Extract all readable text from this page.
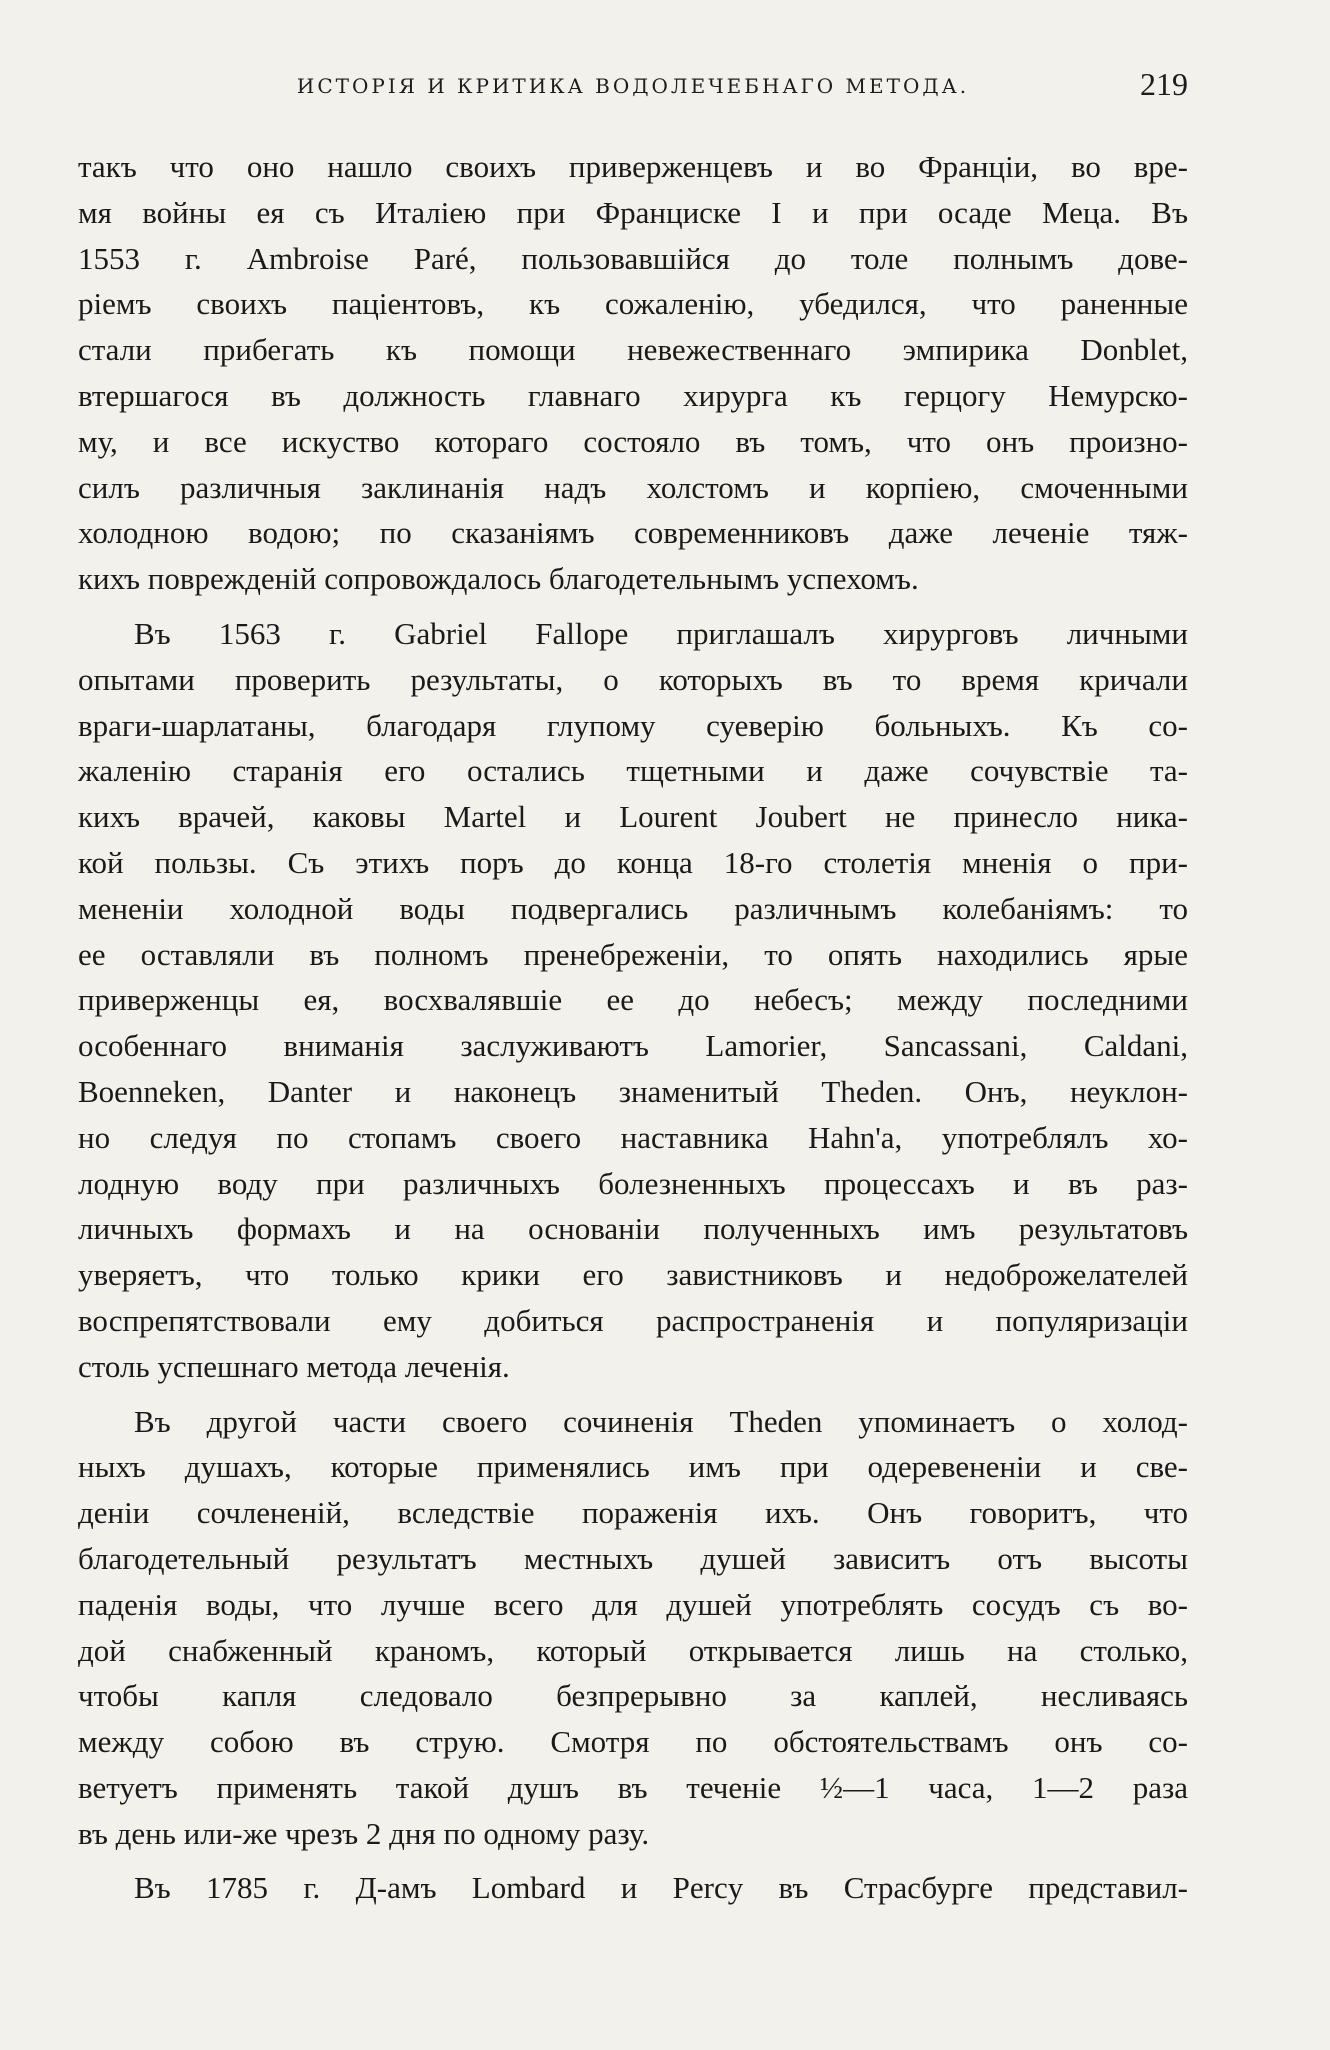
ИСТОРІЯ И КРИТИКА ВОДОЛЕЧЕБНАГО МЕТОДА.	219

такъ что оно нашло своихъ приверженцевъ и во Франціи, во вре-
мя войны ея съ Италіею при Франциске I и при осаде Меца. Въ
1553 г. Ambroise Paré, пользовавшійся до толе полнымъ дове-
ріемъ своихъ паціентовъ, къ сожаленію, убедился, что раненные
стали прибегать къ помощи невежественнаго эмпирика Donblet,
втершагося въ должность главнаго хирурга къ герцогу Немурско-
му, и все искуство котораго состояло въ томъ, что онъ произно-
силъ различныя заклинанія надъ холстомъ и корпіею, смоченными
холодною водою; по сказаніямъ современниковъ даже леченіе тяж-
кихъ поврежденій сопровождалось благодетельнымъ успехомъ.

Въ 1563 г. Gabriel Fallope приглашалъ хирурговъ личными
опытами проверить результаты, о которыхъ въ то время кричали
враги-шарлатаны, благодаря глупому суеверію больныхъ. Къ со-
жаленію старанія его остались тщетными и даже сочувствіе та-
кихъ врачей, каковы Martel и Lourent Joubert не принесло ника-
кой пользы. Съ этихъ поръ до конца 18-го столетія мненія о при-
мененіи холодной воды подвергались различнымъ колебаніямъ: то
ее оставляли въ полномъ пренебреженіи, то опять находились ярые
приверженцы ея, восхвалявшіе ее до небесъ; между последними
особеннаго вниманія заслуживаютъ Lamorier, Sancassani, Caldani,
Boenneken, Danter и наконецъ знаменитый Theden. Онъ, неуклон-
но следуя по стопамъ своего наставника Hahn'a, употреблялъ хо-
лодную воду при различныхъ болезненныхъ процессахъ и въ раз-
личныхъ формахъ и на основаніи полученныхъ имъ результатовъ
уверяетъ, что только крики его завистниковъ и недоброжелателей
воспрепятствовали ему добиться распространенія и популяризаціи
столь успешнаго метода леченія.

Въ другой части своего сочиненія Theden упоминаетъ о холод-
ныхъ душахъ, которые применялись имъ при одеревененіи и све-
деніи сочлененій, вследствіе пораженія ихъ. Онъ говоритъ, что
благодетельный результатъ местныхъ душей зависитъ отъ высоты
паденія воды, что лучше всего для душей употреблять сосудъ съ во-
дой снабженный краномъ, который открывается лишь на столько,
чтобы капля следовало безпрерывно за каплей, несливаясь
между собою въ струю. Смотря по обстоятельствамъ онъ со-
ветуетъ применять такой душъ въ теченіе ½—1 часа, 1—2 раза
въ день или-же чрезъ 2 дня по одному разу.

Въ 1785 г. Д-амъ Lombard и Percy въ Страсбурге представил-
